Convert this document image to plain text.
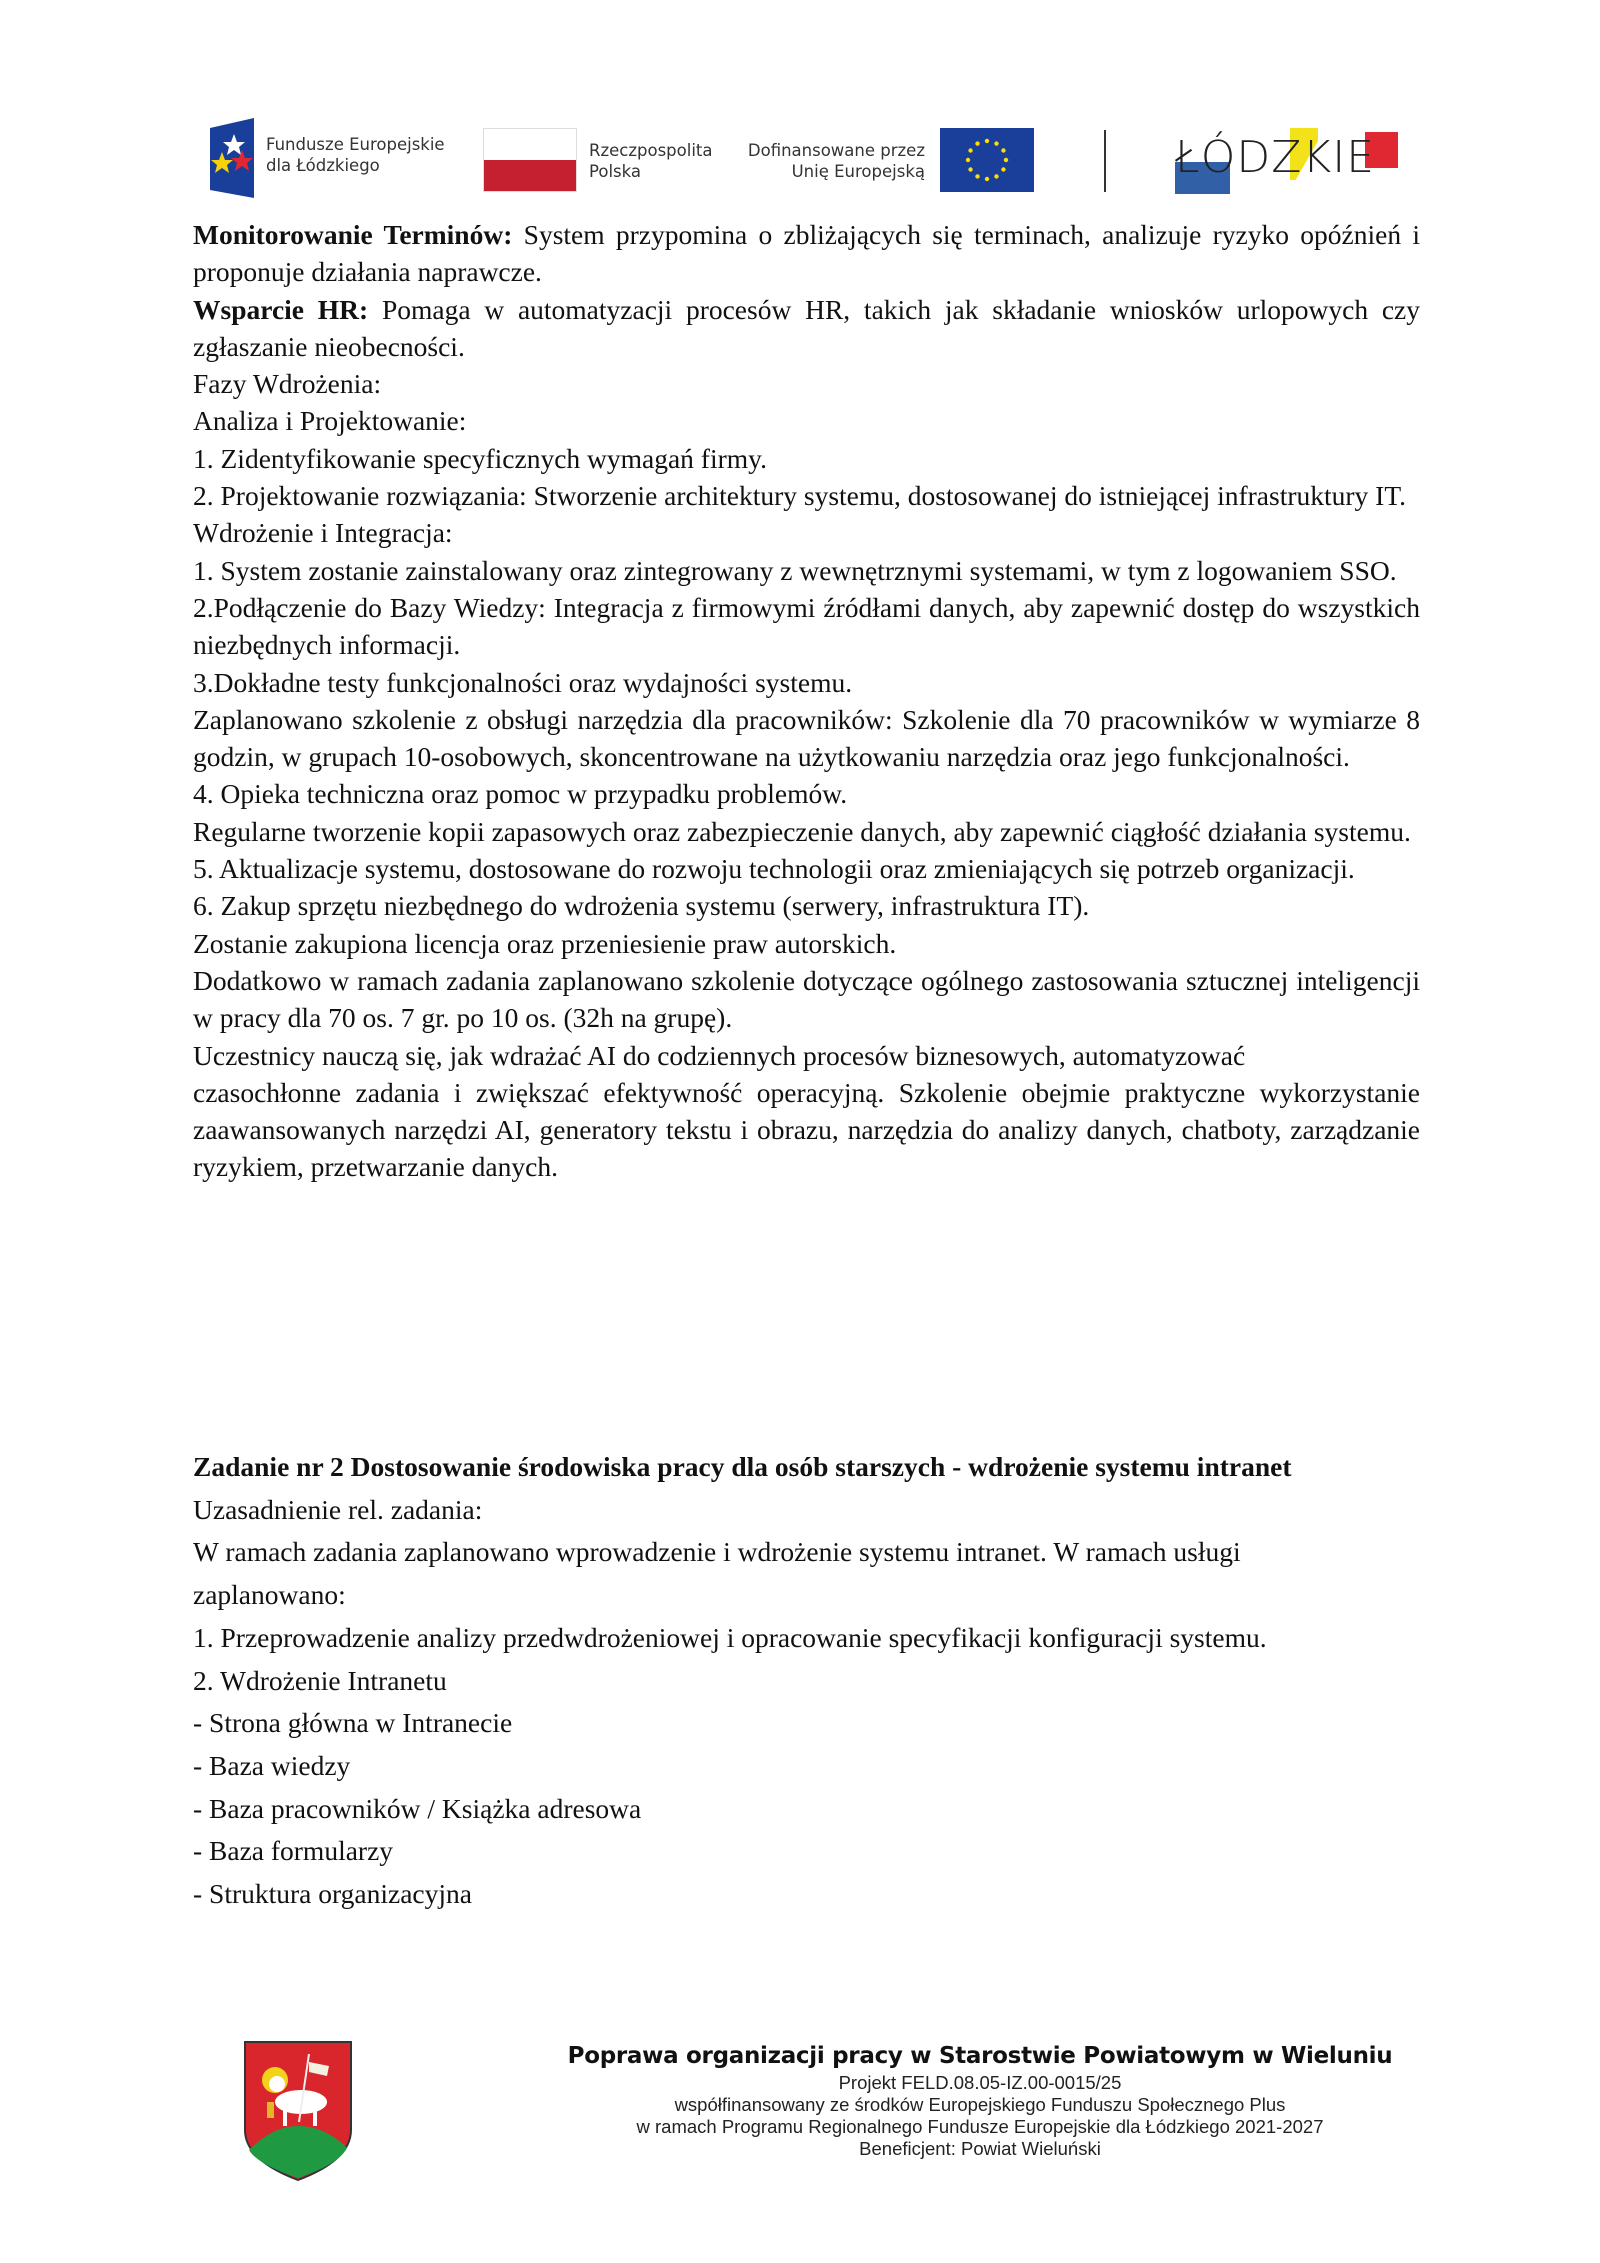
Fundusze Europejskie
dla Łódzkiego
Rzeczpospolita
Polska
Dofinansowane przez
Unię Europejską	ŁÓDZKIE

Monitorowanie Terminów: System przypomina o zbliżających się terminach, analizuje ryzyko opóźnień i proponuje działania naprawcze.

Wsparcie HR: Pomaga w automatyzacji procesów HR, takich jak składanie wniosków urlopowych czy zgłaszanie nieobecności.

Fazy Wdrożenia:

Analiza i Projektowanie:

1. Zidentyfikowanie specyficznych wymagań firmy.

2. Projektowanie rozwiązania: Stworzenie architektury systemu, dostosowanej do istniejącej infrastruktury IT.

Wdrożenie i Integracja:

1. System zostanie zainstalowany oraz zintegrowany z wewnętrznymi systemami, w tym z logowaniem SSO.

2.Podłączenie do Bazy Wiedzy: Integracja z firmowymi źródłami danych, aby zapewnić dostęp do wszystkich niezbędnych informacji.

3.Dokładne testy funkcjonalności oraz wydajności systemu.

Zaplanowano szkolenie z obsługi narzędzia dla pracowników: Szkolenie dla 70 pracowników w wymiarze 8 godzin, w grupach 10-osobowych, skoncentrowane na użytkowaniu narzędzia oraz jego funkcjonalności.

4. Opieka techniczna oraz pomoc w przypadku problemów.

Regularne tworzenie kopii zapasowych oraz zabezpieczenie danych, aby zapewnić ciągłość działania systemu.

5. Aktualizacje systemu, dostosowane do rozwoju technologii oraz zmieniających się potrzeb organizacji.

6. Zakup sprzętu niezbędnego do wdrożenia systemu (serwery, infrastruktura IT).

Zostanie zakupiona licencja oraz przeniesienie praw autorskich.

Dodatkowo w ramach zadania zaplanowano szkolenie dotyczące ogólnego zastosowania sztucznej inteligencji w pracy dla 70 os. 7 gr. po 10 os. (32h na grupę).

Uczestnicy nauczą się, jak wdrażać AI do codziennych procesów biznesowych, automatyzować

czasochłonne zadania i zwiększać efektywność operacyjną. Szkolenie obejmie praktyczne wykorzystanie zaawansowanych narzędzi AI, generatory tekstu i obrazu, narzędzia do analizy danych, chatboty, zarządzanie ryzykiem, przetwarzanie danych.

Zadanie nr 2 Dostosowanie środowiska pracy dla osób starszych - wdrożenie systemu intranet

Uzasadnienie rel. zadania:

W ramach zadania zaplanowano wprowadzenie i wdrożenie systemu intranet. W ramach usługi

zaplanowano:

1. Przeprowadzenie analizy przedwdrożeniowej i opracowanie specyfikacji konfiguracji systemu.

2. Wdrożenie Intranetu

- Strona główna w Intranecie

- Baza wiedzy

- Baza pracowników / Książka adresowa

- Baza formularzy

- Struktura organizacyjna

Poprawa organizacji pracy w Starostwie Powiatowym w Wieluniu
Projekt FELD.08.05-IZ.00-0015/25
współfinansowany ze środków Europejskiego Funduszu Społecznego Plus
w ramach Programu Regionalnego Fundusze Europejskie dla Łódzkiego 2021-2027
Beneficjent: Powiat Wieluński
